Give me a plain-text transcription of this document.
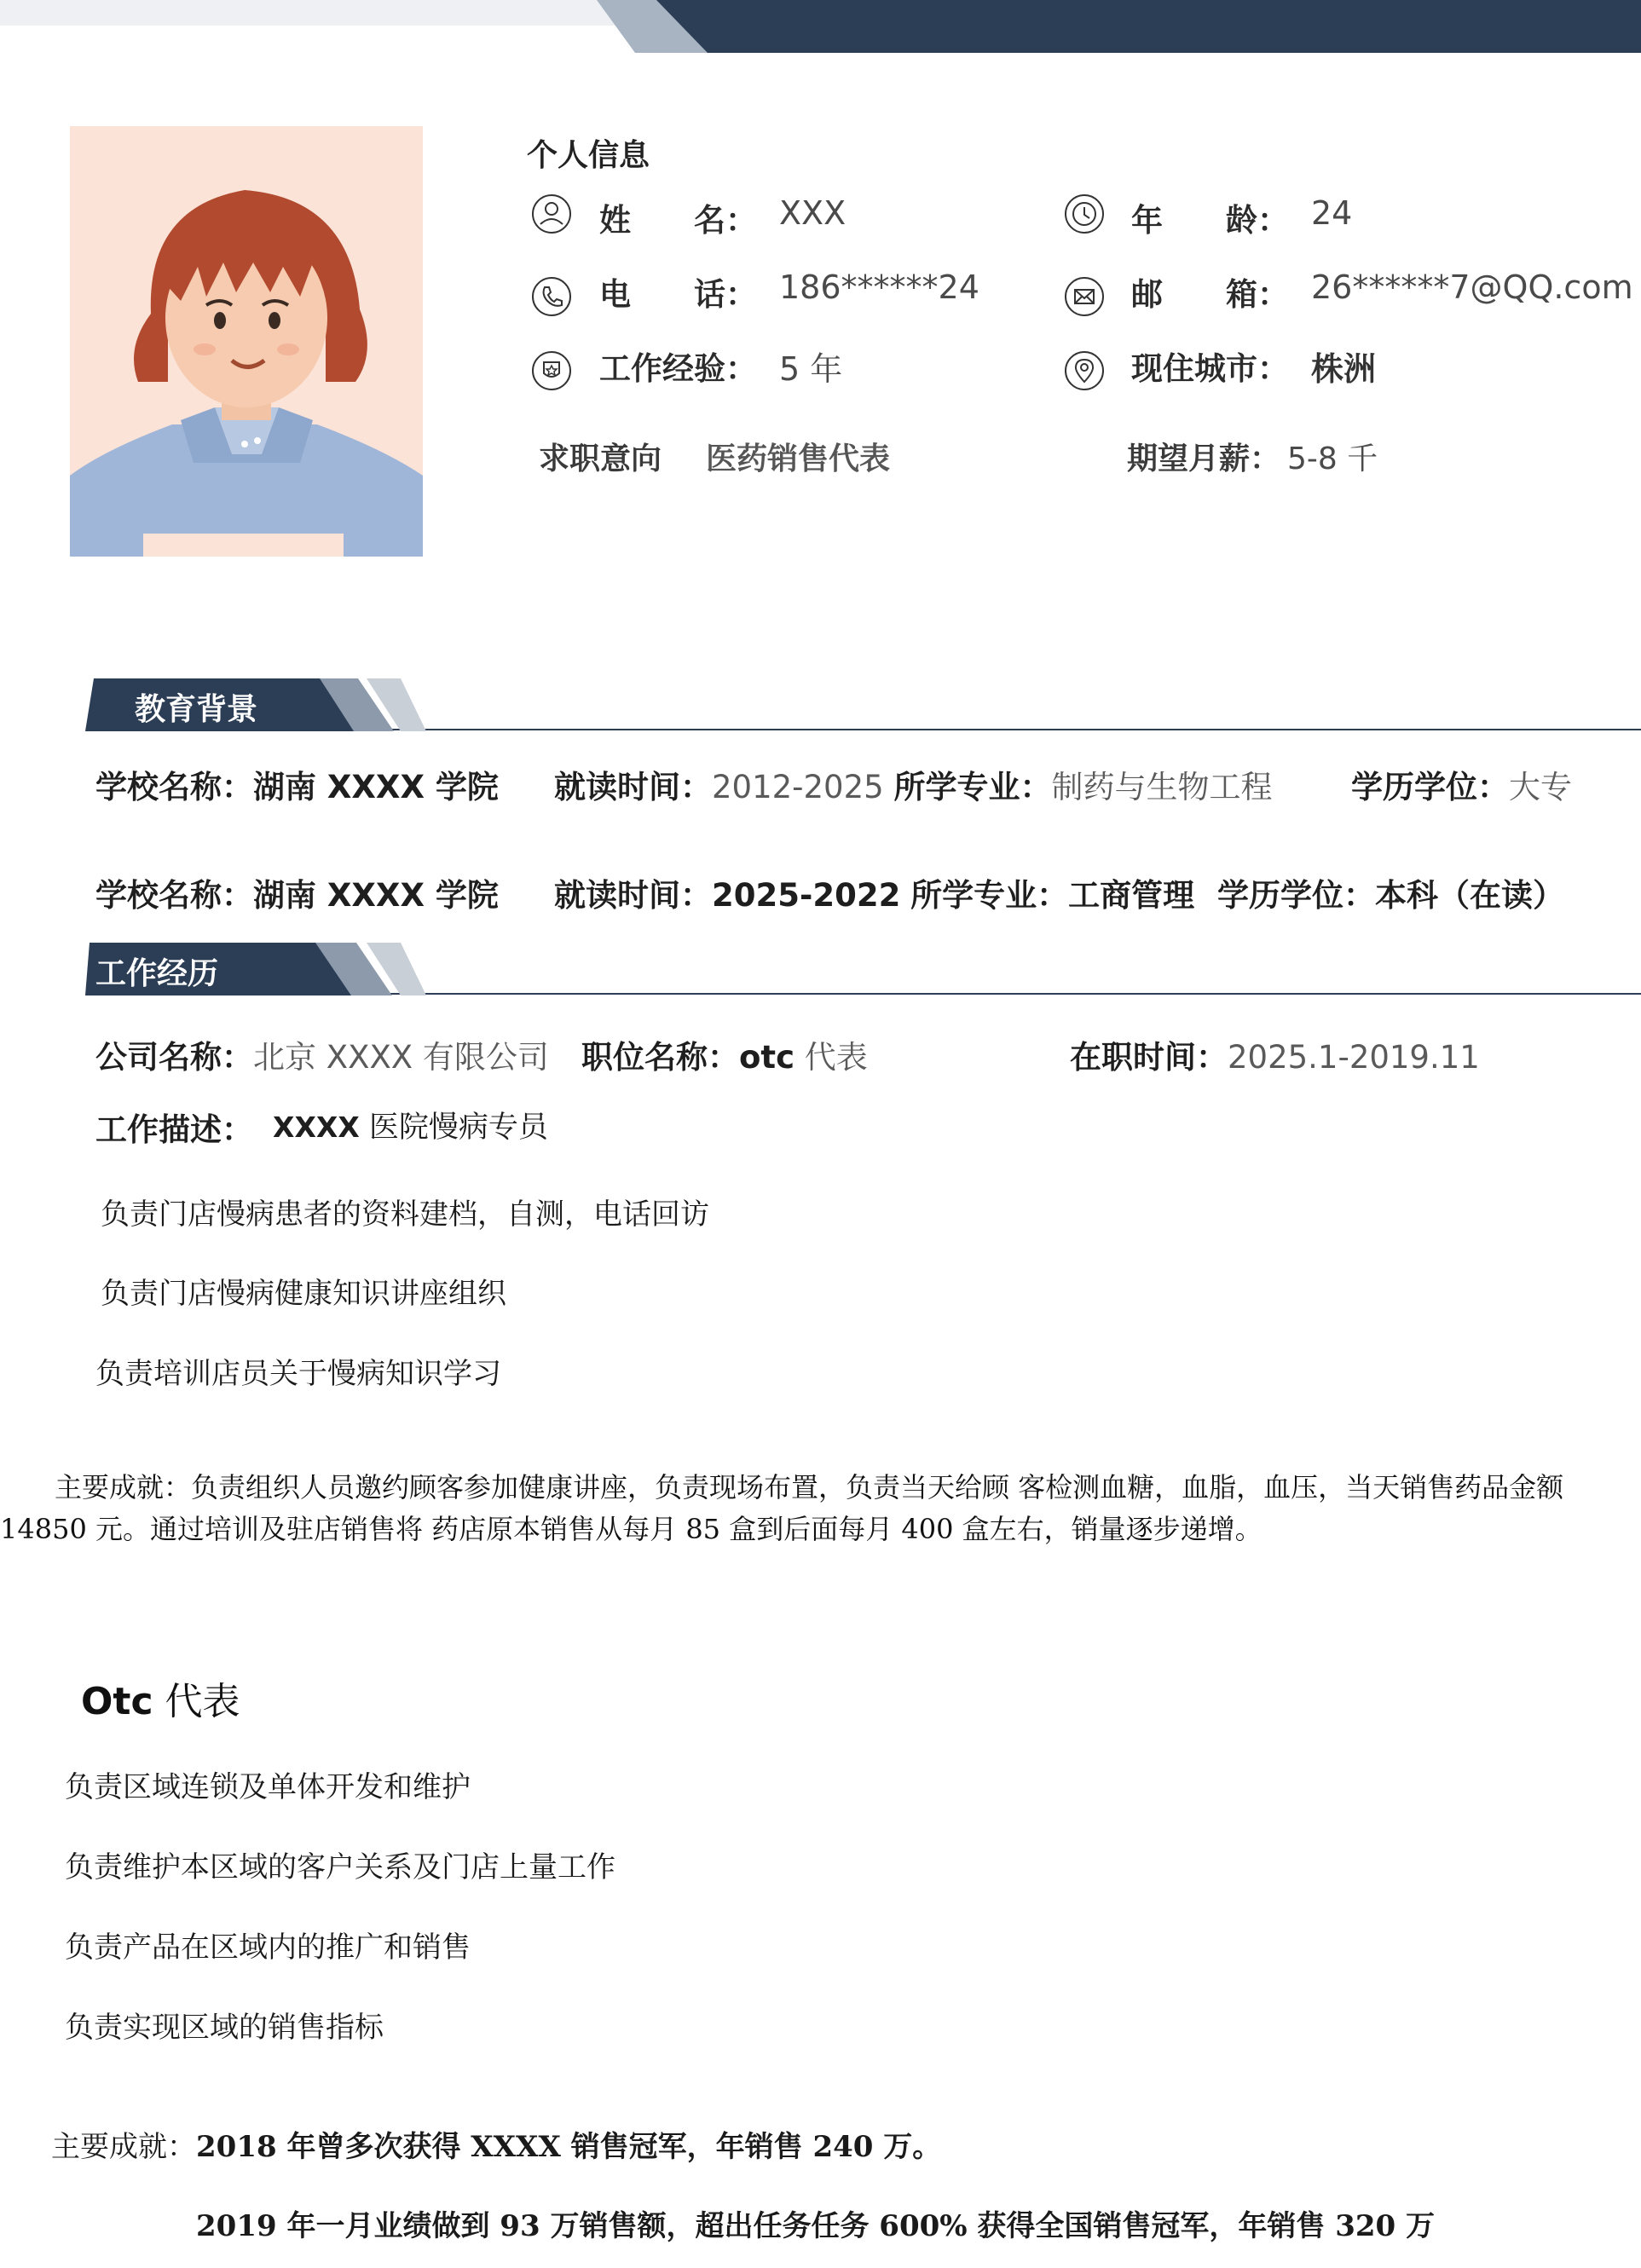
个人信息
姓　　名： XXX	年　　龄： 24
电　　话： 186******24	邮　　箱： 26******7@QQ.com
工作经验： 5 年	现住城市： 株洲
求职意向 医药销售代表	期望月薪： 5-8 千
教育背景
学校名称：湖南 XXXX 学院 就读时间：2012-2025 所学专业：制药与生物工程	学历学位：大专
学校名称：湖南 XXXX 学院 就读时间：2025-2022 所学专业：工商管理 学历学位：本科（在读）
工作经历
公司名称：北京 XXXX 有限公司 职位名称：otc 代表	在职时间：2025.1-2019.11
工作描述： XXXX 医院慢病专员
负责门店慢病患者的资料建档，自测，电话回访
负责门店慢病健康知识讲座组织
负责培训店员关于慢病知识学习
　　主要成就：负责组织人员邀约顾客参加健康讲座，负责现场布置，负责当天给顾 客检测血糖，血脂，血压，当天销售药品金额 14850 元。通过培训及驻店销售将 药店原本销售从每月 85 盒到后面每月 400 盒左右，销量逐步递增。
Otc 代表
负责区域连锁及单体开发和维护
负责维护本区域的客户关系及门店上量工作
负责产品在区域内的推广和销售
负责实现区域的销售指标
主要成就：2018 年曾多次获得 XXXX 销售冠军，年销售 240 万。
2019 年一月业绩做到 93 万销售额，超出任务任务 600% 获得全国销售冠军，年销售 320 万
